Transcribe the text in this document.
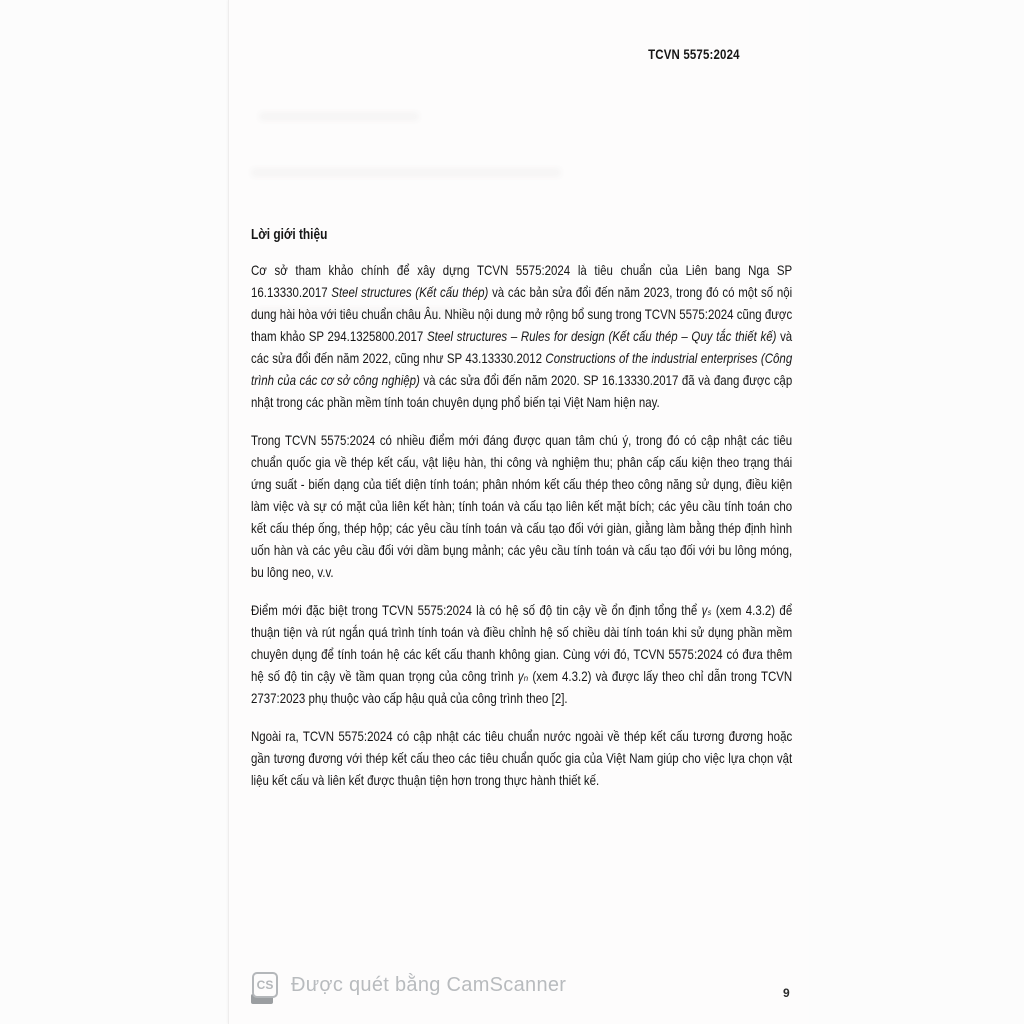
TCVN 5575:2024
Lời giới thiệu

Cơ sở tham khảo chính để xây dựng TCVN 5575:2024 là tiêu chuẩn của Liên bang Nga SP 16.13330.2017 Steel structures (Kết cấu thép) và các bản sửa đổi đến năm 2023, trong đó có một số nội dung hài hòa với tiêu chuẩn châu Âu. Nhiều nội dung mở rộng bổ sung trong TCVN 5575:2024 cũng được tham khảo SP 294.1325800.2017 Steel structures – Rules for design (Kết cấu thép – Quy tắc thiết kế) và các sửa đổi đến năm 2022, cũng như SP 43.13330.2012 Constructions of the industrial enterprises (Công trình của các cơ sở công nghiệp) và các sửa đổi đến năm 2020. SP 16.13330.2017 đã và đang được cập nhật trong các phần mềm tính toán chuyên dụng phổ biến tại Việt Nam hiện nay.

Trong TCVN 5575:2024 có nhiều điểm mới đáng được quan tâm chú ý, trong đó có cập nhật các tiêu chuẩn quốc gia về thép kết cấu, vật liệu hàn, thi công và nghiệm thu; phân cấp cấu kiện theo trạng thái ứng suất - biến dạng của tiết diện tính toán; phân nhóm kết cấu thép theo công năng sử dụng, điều kiện làm việc và sự có mặt của liên kết hàn; tính toán và cấu tạo liên kết mặt bích; các yêu cầu tính toán cho kết cấu thép ống, thép hộp; các yêu cầu tính toán và cấu tạo đối với giàn, giằng làm bằng thép định hình uốn hàn và các yêu cầu đối với dầm bụng mảnh; các yêu cầu tính toán và cấu tạo đối với bu lông móng, bu lông neo, v.v.

Điểm mới đặc biệt trong TCVN 5575:2024 là có hệ số độ tin cậy về ổn định tổng thể γₛ (xem 4.3.2) để thuận tiện và rút ngắn quá trình tính toán và điều chỉnh hệ số chiều dài tính toán khi sử dụng phần mềm chuyên dụng để tính toán hệ các kết cấu thanh không gian. Cùng với đó, TCVN 5575:2024 có đưa thêm hệ số độ tin cậy về tầm quan trọng của công trình γₙ (xem 4.3.2) và được lấy theo chỉ dẫn trong TCVN 2737:2023 phụ thuộc vào cấp hậu quả của công trình theo [2].

Ngoài ra, TCVN 5575:2024 có cập nhật các tiêu chuẩn nước ngoài về thép kết cấu tương đương hoặc gần tương đương với thép kết cấu theo các tiêu chuẩn quốc gia của Việt Nam giúp cho việc lựa chọn vật liệu kết cấu và liên kết được thuận tiện hơn trong thực hành thiết kế.

CS Được quét bằng CamScanner	9
